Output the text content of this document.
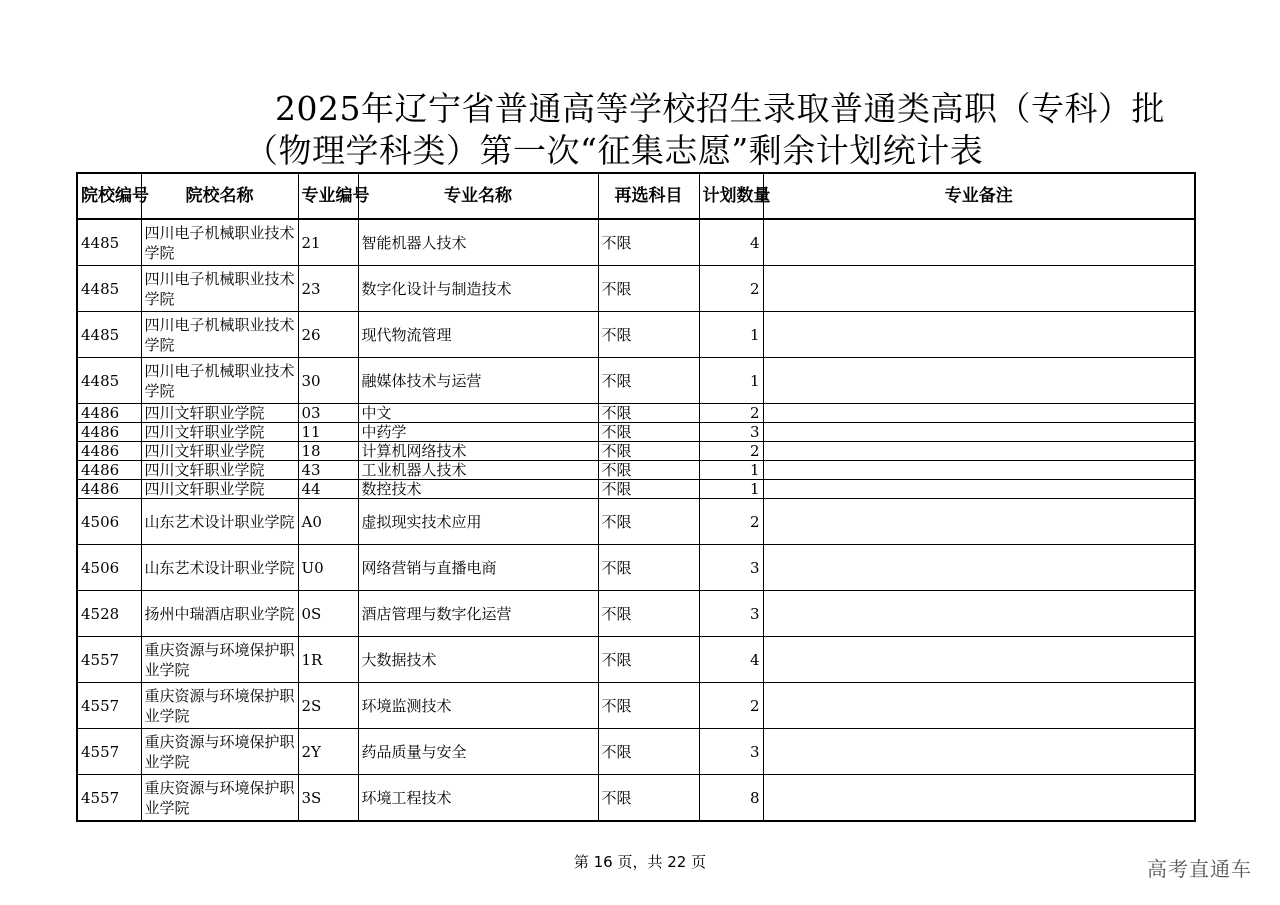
2025年辽宁省普通高等学校招生录取普通类高职（专科）批
（物理学科类）第一次“征集志愿”剩余计划统计表
院校编号	院校名称	专业编号	专业名称	再选科目	计划数量	专业备注
4485	四川电子机械职业技术学院	21	智能机器人技术	不限	4	
4485	四川电子机械职业技术学院	23	数字化设计与制造技术	不限	2	
4485	四川电子机械职业技术学院	26	现代物流管理	不限	1	
4485	四川电子机械职业技术学院	30	融媒体技术与运营	不限	1	
4486	四川文轩职业学院	03	中文	不限	2	
4486	四川文轩职业学院	11	中药学	不限	3	
4486	四川文轩职业学院	18	计算机网络技术	不限	2	
4486	四川文轩职业学院	43	工业机器人技术	不限	1	
4486	四川文轩职业学院	44	数控技术	不限	1	
4506	山东艺术设计职业学院	A0	虚拟现实技术应用	不限	2	
4506	山东艺术设计职业学院	U0	网络营销与直播电商	不限	3	
4528	扬州中瑞酒店职业学院	0S	酒店管理与数字化运营	不限	3	
4557	重庆资源与环境保护职业学院	1R	大数据技术	不限	4	
4557	重庆资源与环境保护职业学院	2S	环境监测技术	不限	2	
4557	重庆资源与环境保护职业学院	2Y	药品质量与安全	不限	3	
4557	重庆资源与环境保护职业学院	3S	环境工程技术	不限	8	
第 16 页，共 22 页	高考直通车
